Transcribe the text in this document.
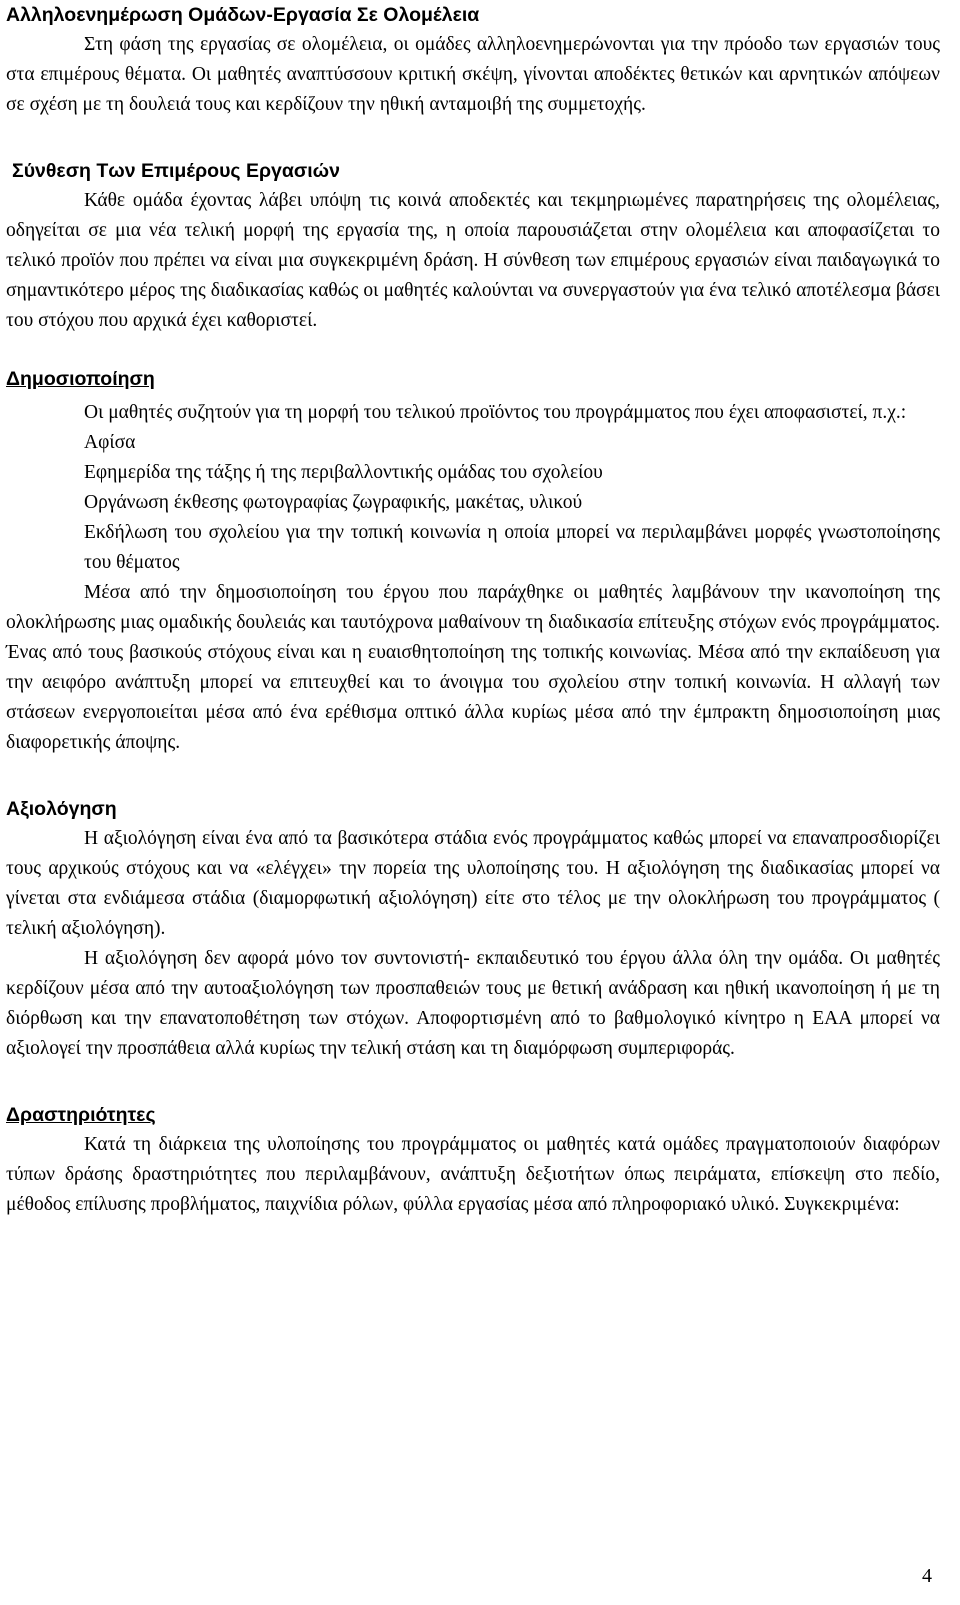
Αλληλοενημέρωση Ομάδων-Εργασία Σε Ολομέλεια

Στη φάση της εργασίας σε ολομέλεια, οι ομάδες αλληλοενημερώνονται για την πρόοδο των εργασιών τους στα επιμέρους θέματα. Οι μαθητές αναπτύσσουν κριτική σκέψη, γίνονται αποδέκτες θετικών και αρνητικών απόψεων σε σχέση με τη δουλειά τους και κερδίζουν την ηθική ανταμοιβή της συμμετοχής.

Σύνθεση Των Επιμέρους Εργασιών

Κάθε ομάδα έχοντας λάβει υπόψη τις κοινά αποδεκτές και τεκμηριωμένες παρατηρήσεις της ολομέλειας, οδηγείται σε μια νέα τελική μορφή της εργασία της, η οποία παρουσιάζεται στην ολομέλεια και αποφασίζεται το τελικό προϊόν που πρέπει να είναι μια συγκεκριμένη δράση. Η σύνθεση των επιμέρους εργασιών είναι παιδαγωγικά το σημαντικότερο μέρος της διαδικασίας καθώς οι μαθητές καλούνται να συνεργαστούν για ένα τελικό αποτέλεσμα βάσει του στόχου που αρχικά έχει καθοριστεί.

Δημοσιοποίηση

Οι μαθητές συζητούν για τη μορφή του τελικού προϊόντος του προγράμματος που έχει αποφασιστεί, π.χ.:

Αφίσα

Εφημερίδα της τάξης ή της περιβαλλοντικής ομάδας του σχολείου

Οργάνωση έκθεσης φωτογραφίας ζωγραφικής, μακέτας, υλικού

Εκδήλωση του σχολείου για την τοπική κοινωνία η οποία μπορεί να περιλαμβάνει μορφές γνωστοποίησης του θέματος

Μέσα από την δημοσιοποίηση του έργου που παράχθηκε οι μαθητές λαμβάνουν την ικανοποίηση της ολοκλήρωσης μιας ομαδικής δουλειάς και ταυτόχρονα μαθαίνουν τη διαδικασία επίτευξης στόχων ενός προγράμματος. Ένας από τους βασικούς στόχους είναι και η ευαισθητοποίηση της τοπικής κοινωνίας. Μέσα από την εκπαίδευση για την αειφόρο ανάπτυξη μπορεί να επιτευχθεί και το άνοιγμα του σχολείου στην τοπική κοινωνία. Η αλλαγή των στάσεων ενεργοποιείται μέσα από ένα ερέθισμα οπτικό άλλα κυρίως μέσα από την έμπρακτη δημοσιοποίηση μιας διαφορετικής άποψης.

Αξιολόγηση

Η αξιολόγηση είναι ένα από τα βασικότερα στάδια ενός προγράμματος καθώς μπορεί να επαναπροσδιορίζει τους αρχικούς στόχους και να «ελέγχει» την πορεία της υλοποίησης του. Η αξιολόγηση της διαδικασίας μπορεί να γίνεται στα ενδιάμεσα στάδια (διαμορφωτική αξιολόγηση) είτε στο τέλος με την ολοκλήρωση του προγράμματος ( τελική αξιολόγηση).

Η αξιολόγηση δεν αφορά μόνο τον συντονιστή- εκπαιδευτικό του έργου άλλα όλη την ομάδα. Οι μαθητές κερδίζουν μέσα από την αυτοαξιολόγηση των προσπαθειών τους με θετική ανάδραση και ηθική ικανοποίηση ή με τη διόρθωση και την επανατοποθέτηση των στόχων. Αποφορτισμένη από το βαθμολογικό κίνητρο η ΕΑΑ μπορεί να αξιολογεί την προσπάθεια αλλά κυρίως την τελική στάση και τη διαμόρφωση συμπεριφοράς.

Δραστηριότητες

Κατά τη διάρκεια της υλοποίησης του προγράμματος οι μαθητές κατά ομάδες πραγματοποιούν διαφόρων τύπων δράσης δραστηριότητες που περιλαμβάνουν, ανάπτυξη δεξιοτήτων όπως πειράματα, επίσκεψη στο πεδίο, μέθοδος επίλυσης προβλήματος, παιχνίδια ρόλων, φύλλα εργασίας μέσα από πληροφοριακό υλικό. Συγκεκριμένα:

4
